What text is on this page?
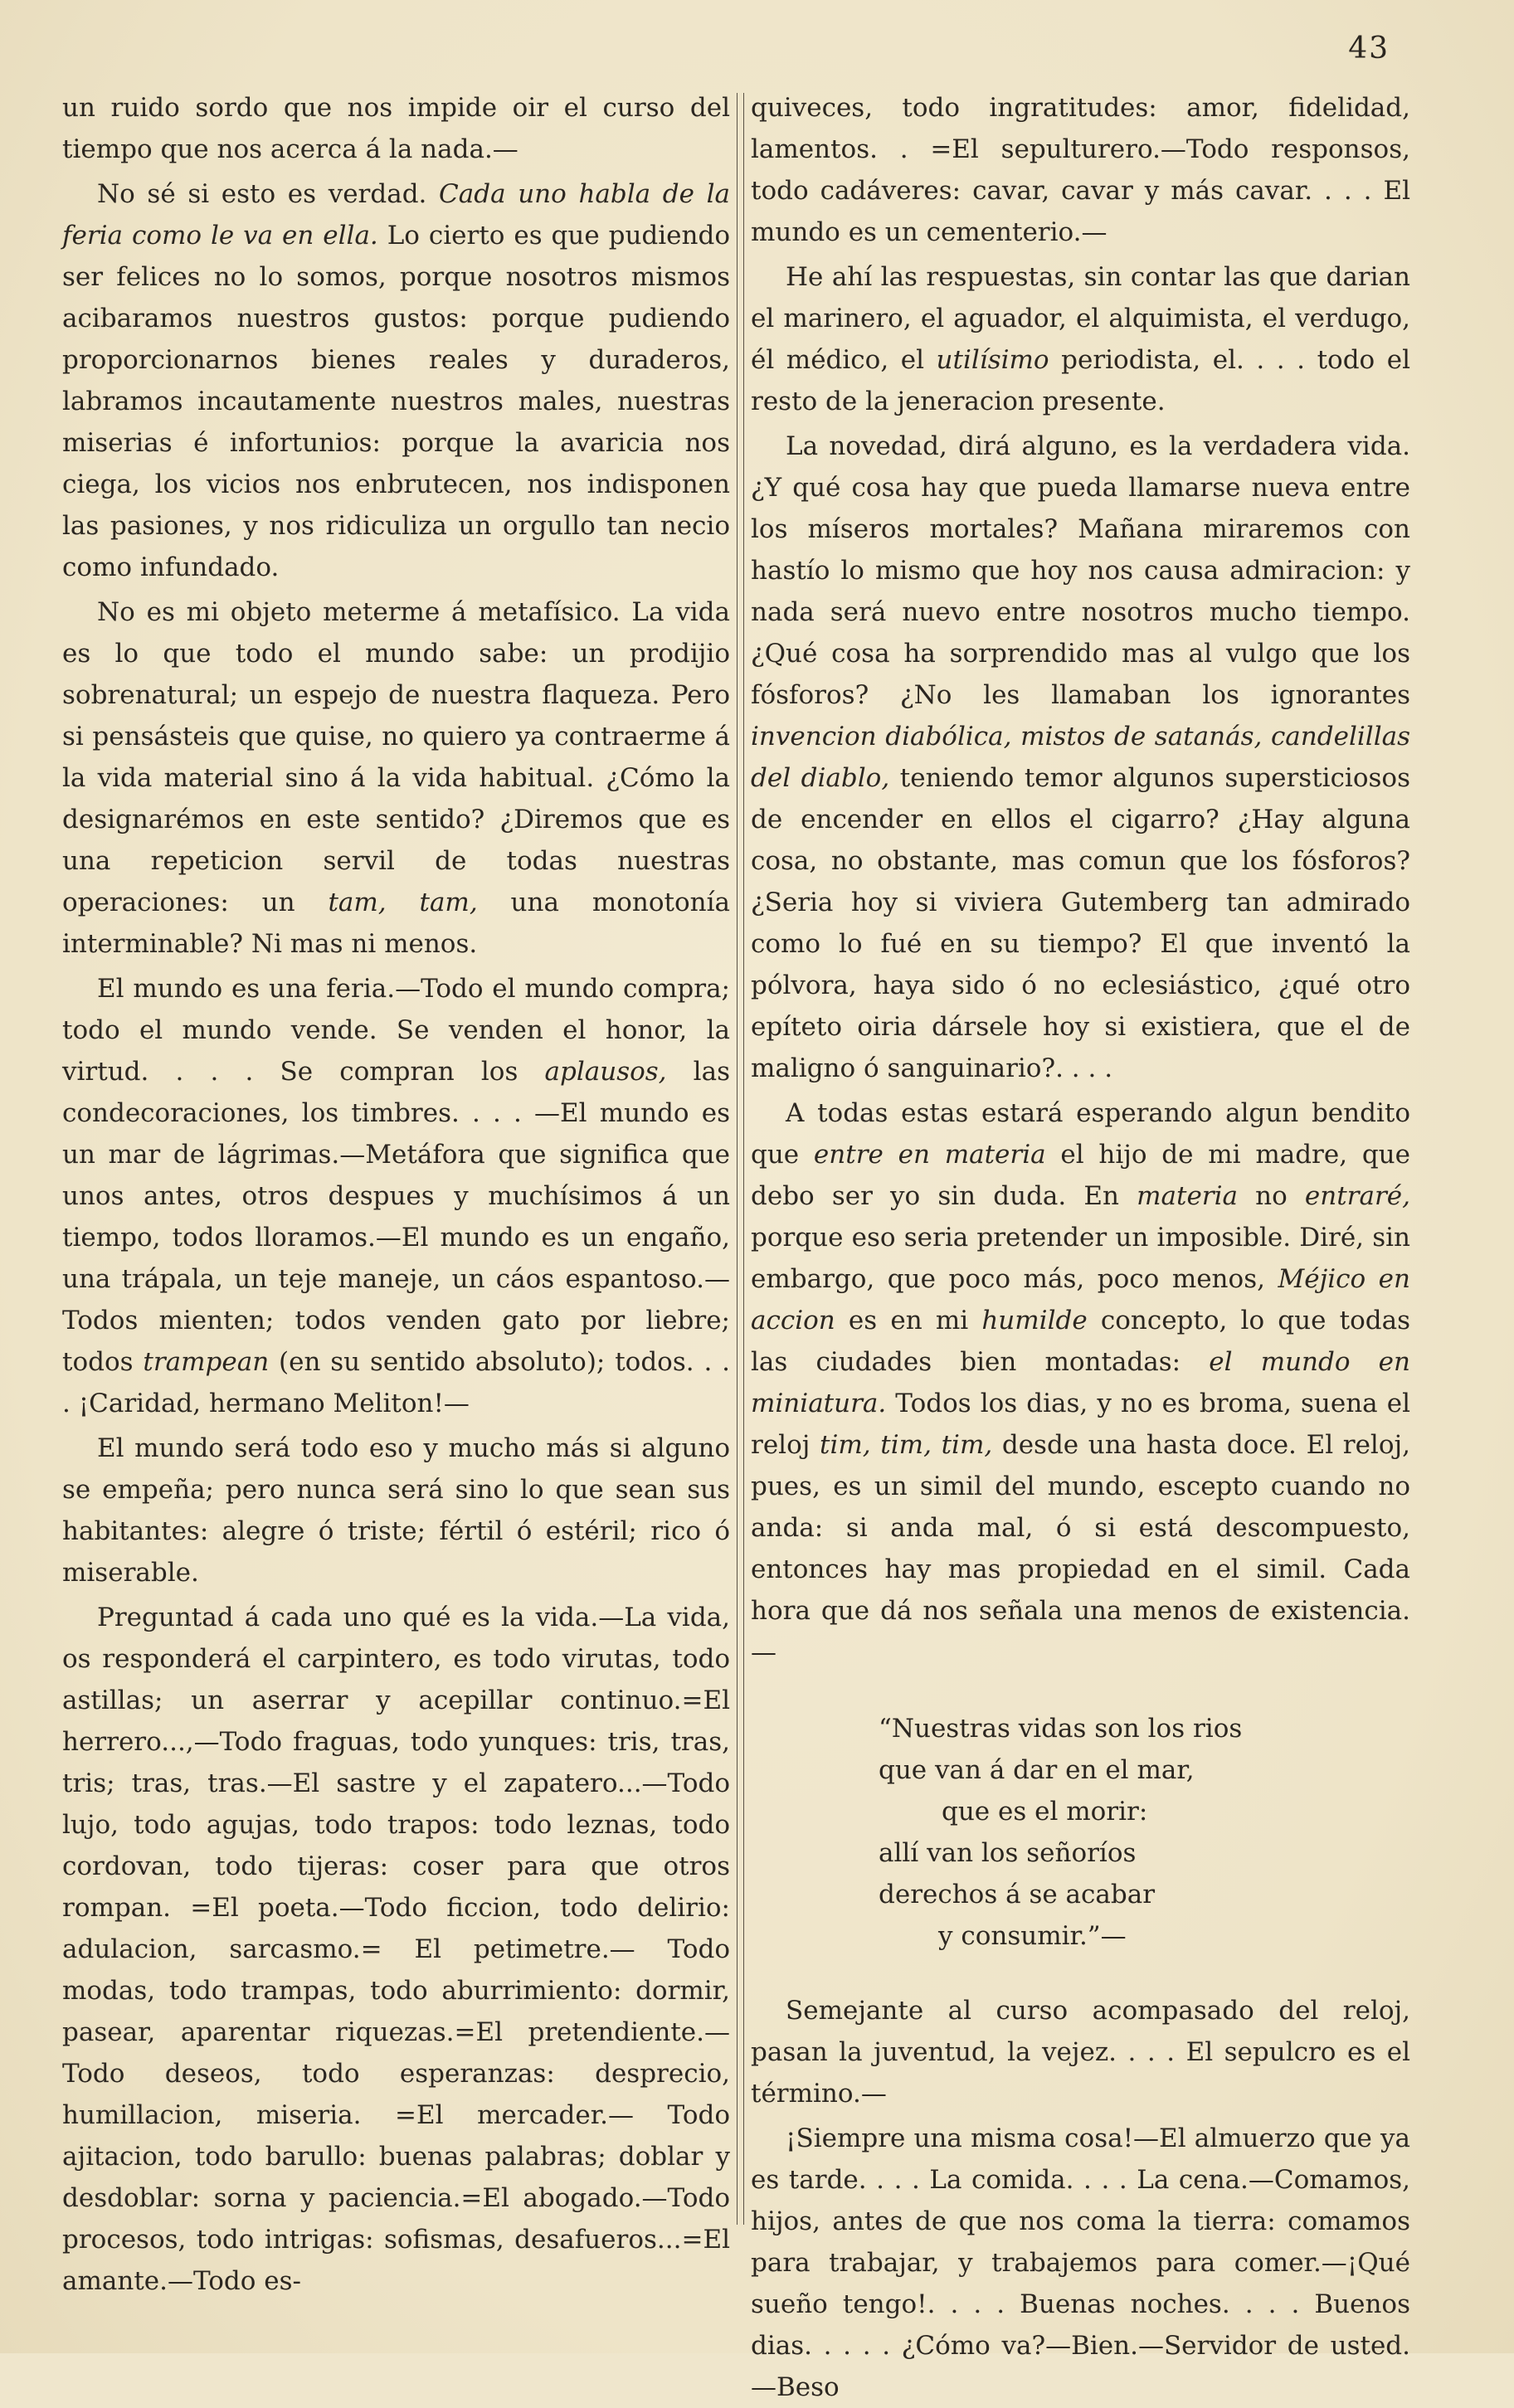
43

un ruido sordo que nos impide oir el curso del tiempo que nos acerca á la nada.—

No sé si esto es verdad. Cada uno habla de la feria como le va en ella. Lo cierto es que pudiendo ser felices no lo somos, porque nosotros mismos acibaramos nuestros gustos: porque pudiendo proporcionarnos bienes reales y duraderos, labramos incautamente nuestros males, nuestras miserias é infortunios: porque la avaricia nos ciega, los vicios nos enbrutecen, nos indisponen las pasiones, y nos ridiculiza un orgullo tan necio como infundado.

No es mi objeto meterme á metafísico. La vida es lo que todo el mundo sabe: un prodijio sobrenatural; un espejo de nuestra flaqueza. Pero si pensásteis que quise, no quiero ya contraerme á la vida material sino á la vida habitual. ¿Cómo la designarémos en este sentido? ¿Diremos que es una repeticion servil de todas nuestras operaciones: un tam, tam, una monotonía interminable? Ni mas ni menos.

El mundo es una feria.—Todo el mundo compra; todo el mundo vende. Se venden el honor, la virtud. . . . Se compran los aplausos, las condecoraciones, los timbres. . . . —El mundo es un mar de lágrimas.—Metáfora que significa que unos antes, otros despues y muchísimos á un tiempo, todos lloramos.—El mundo es un engaño, una trápala, un teje maneje, un cáos espantoso.—Todos mienten; todos venden gato por liebre; todos trampean (en su sentido absoluto); todos. . . . ¡Caridad, hermano Meliton!—

El mundo será todo eso y mucho más si alguno se empeña; pero nunca será sino lo que sean sus habitantes: alegre ó triste; fértil ó estéril; rico ó miserable.

Preguntad á cada uno qué es la vida.—La vida, os responderá el carpintero, es todo virutas, todo astillas; un aserrar y acepillar continuo.=El herrero...,—Todo fraguas, todo yunques: tris, tras, tris; tras, tras.—El sastre y el zapatero...—Todo lujo, todo agujas, todo trapos: todo leznas, todo cordovan, todo tijeras: coser para que otros rompan. =El poeta.—Todo ficcion, todo delirio: adulacion, sarcasmo.= El petimetre.— Todo modas, todo trampas, todo aburrimiento: dormir, pasear, aparentar riquezas.=El pretendiente.—Todo deseos, todo esperanzas: desprecio, humillacion, miseria. =El mercader.— Todo ajitacion, todo barullo: buenas palabras; doblar y desdoblar: sorna y paciencia.=El abogado.—Todo procesos, todo intrigas: sofismas, desafueros...=El amante.—Todo es-

quiveces, todo ingratitudes: amor, fidelidad, lamentos. . =El sepulturero.—Todo responsos, todo cadáveres: cavar, cavar y más cavar. . . . El mundo es un cementerio.—

He ahí las respuestas, sin contar las que darian el marinero, el aguador, el alquimista, el verdugo, él médico, el utilísimo periodista, el. . . . todo el resto de la jeneracion presente.

La novedad, dirá alguno, es la verdadera vida. ¿Y qué cosa hay que pueda llamarse nueva entre los míseros mortales? Mañana miraremos con hastío lo mismo que hoy nos causa admiracion: y nada será nuevo entre nosotros mucho tiempo. ¿Qué cosa ha sorprendido mas al vulgo que los fósforos? ¿No les llamaban los ignorantes invencion diabólica, mistos de satanás, candelillas del diablo, teniendo temor algunos supersticiosos de encender en ellos el cigarro? ¿Hay alguna cosa, no obstante, mas comun que los fósforos? ¿Seria hoy si viviera Gutemberg tan admirado como lo fué en su tiempo? El que inventó la pólvora, haya sido ó no eclesiástico, ¿qué otro epíteto oiria dársele hoy si existiera, que el de maligno ó sanguinario?. . . .

A todas estas estará esperando algun bendito que entre en materia el hijo de mi madre, que debo ser yo sin duda. En materia no entraré, porque eso seria pretender un imposible. Diré, sin embargo, que poco más, poco menos, Méjico en accion es en mi humilde concepto, lo que todas las ciudades bien montadas: el mundo en miniatura. Todos los dias, y no es broma, suena el reloj tim, tim, tim, desde una hasta doce. El reloj, pues, es un simil del mundo, escepto cuando no anda: si anda mal, ó si está descompuesto, entonces hay mas propiedad en el simil. Cada hora que dá nos señala una menos de existencia.—

“Nuestras vidas son los rios
que van á dar en el mar,
que es el morir:
allí van los señoríos
derechos á se acabar
y consumir.”—

Semejante al curso acompasado del reloj, pasan la juventud, la vejez. . . . El sepulcro es el término.—

¡Siempre una misma cosa!—El almuerzo que ya es tarde. . . . La comida. . . . La cena.—Comamos, hijos, antes de que nos coma la tierra: comamos para trabajar, y trabajemos para comer.—¡Qué sueño tengo!. . . . Buenas noches. . . . Buenos dias. . . . . ¿Cómo va?—Bien.—Servidor de usted.—Beso
